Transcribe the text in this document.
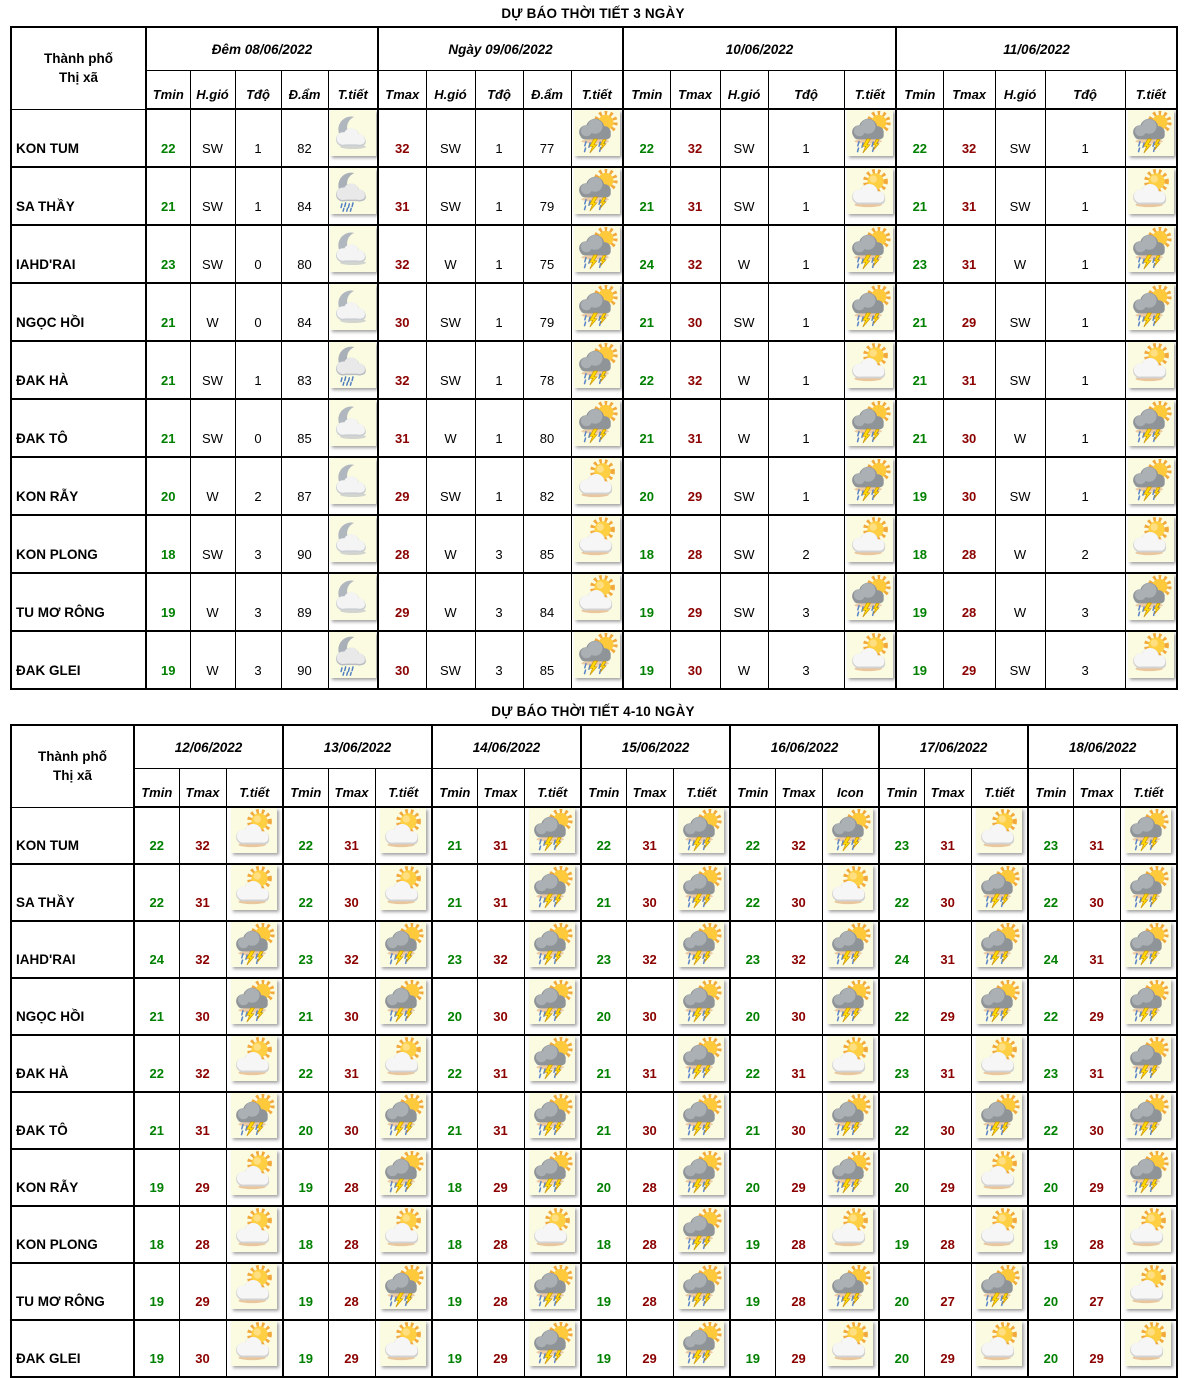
DỰ BÁO THỜI TIẾT 3 NGÀY
Thành phố
Thị xã	Đêm 08/06/2022					Ngày 09/06/2022					10/06/2022					11/06/2022				
	Tmin	H.gió	Tđộ	Đ.ẩm	T.tiết	Tmax	H.gió	Tđộ	Đ.ẩm	T.tiết	Tmin	Tmax	H.gió	Tđộ	T.tiết	Tmin	Tmax	H.gió	Tđộ	T.tiết
KON TUM	22	SW	1	82		32	SW	1	77		22	32	SW	1		22	32	SW	1	

SA THẦY	21	SW	1	84		31	SW	1	79		21	31	SW	1		21	31	SW	1	

IAHD'RAI	23	SW	0	80		32	W	1	75		24	32	W	1		23	31	W	1	

NGỌC HỒI	21	W	0	84		30	SW	1	79		21	30	SW	1		21	29	SW	1	

ĐAK HÀ	21	SW	1	83		32	SW	1	78		22	32	W	1		21	31	SW	1	

ĐAK TÔ	21	SW	0	85		31	W	1	80		21	31	W	1		21	30	W	1	

KON RẪY	20	W	2	87		29	SW	1	82		20	29	SW	1		19	30	SW	1	

KON PLONG	18	SW	3	90		28	W	3	85		18	28	SW	2		18	28	W	2	

TU MƠ RÔNG	19	W	3	89		29	W	3	84		19	29	SW	3		19	28	W	3	

ĐAK GLEI	19	W	3	90		30	SW	3	85		19	30	W	3		19	29	SW	3	
DỰ BÁO THỜI TIẾT 4-10 NGÀY
Thành phố
Thị xã	12/06/2022			13/06/2022			14/06/2022			15/06/2022			16/06/2022			17/06/2022			18/06/2022		
	Tmin	Tmax	T.tiết	Tmin	Tmax	T.tiết	Tmin	Tmax	T.tiết	Tmin	Tmax	T.tiết	Tmin	Tmax	Icon	Tmin	Tmax	T.tiết	Tmin	Tmax	T.tiết
KON TUM	22	32		22	31		21	31		22	31		22	32		23	31		23	31	

SA THẦY	22	31		22	30		21	31		21	30		22	30		22	30		22	30	

IAHD'RAI	24	32		23	32		23	32		23	32		23	32		24	31		24	31	

NGỌC HỒI	21	30		21	30		20	30		20	30		20	30		22	29		22	29	

ĐAK HÀ	22	32		22	31		22	31		21	31		22	31		23	31		23	31	

ĐAK TÔ	21	31		20	30		21	31		21	30		21	30		22	30		22	30	

KON RẪY	19	29		19	28		18	29		20	28		20	29		20	29		20	29	

KON PLONG	18	28		18	28		18	28		18	28		19	28		19	28		19	28	

TU MƠ RÔNG	19	29		19	28		19	28		19	28		19	28		20	27		20	27	

ĐAK GLEI	19	30		19	29		19	29		19	29		19	29		20	29		20	29	
